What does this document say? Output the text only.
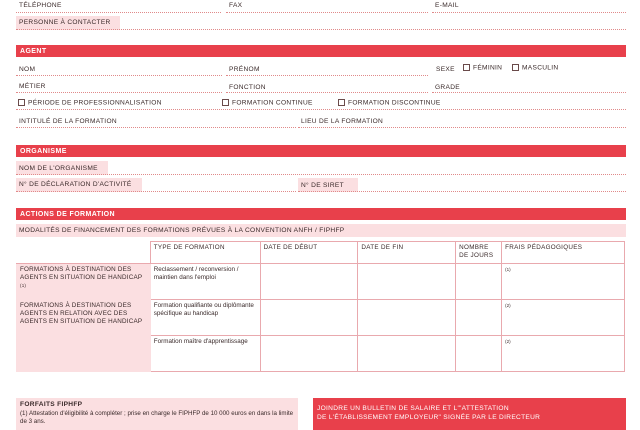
TÉLÉPHONE	FAX	E-MAIL
PERSONNE À CONTACTER
AGENT
NOM	PRÉNOM	SEXE	FÉMININ	MASCULIN
MÉTIER	FONCTION	GRADE
PÉRIODE DE PROFESSIONNALISATION	FORMATION CONTINUE	FORMATION DISCONTINUE
INTITULÉ DE LA FORMATION	LIEU DE LA FORMATION
ORGANISME
NOM DE L'ORGANISME
N° DE DÉCLARATION D'ACTIVITÉ	N° DE SIRET
ACTIONS DE FORMATION
MODALITÉS DE FINANCEMENT DES FORMATIONS PRÉVUES À LA CONVENTION ANFH / FIPHFP
	TYPE DE FORMATION	DATE DE DÉBUT	DATE DE FIN	NOMBRE DE JOURS	FRAIS PÉDAGOGIQUES
FORMATIONS À DESTINATION DES AGENTS EN SITUATION DE HANDICAP $^{(1)}$	Reclassement / reconversion / maintien dans l'emploi				$^{(1)}$
FORMATIONS À DESTINATION DES AGENTS EN RELATION AVEC DES AGENTS EN SITUATION DE HANDICAP	Formation qualifiante ou diplômante spécifique au handicap				$^{(2)}$
	Formation maître d'apprentissage				$^{(2)}$
FORFAITS FIPHFP
(1) Attestation d'éligibilité à compléter ; prise en charge le FIPHFP de 10 000 euros en dans la limite de 3 ans.
JOINDRE UN BULLETIN DE SALAIRE ET L'"ATTESTATION
DE L'ÉTABLISSEMENT EMPLOYEUR" SIGNÉE PAR LE DIRECTEUR
